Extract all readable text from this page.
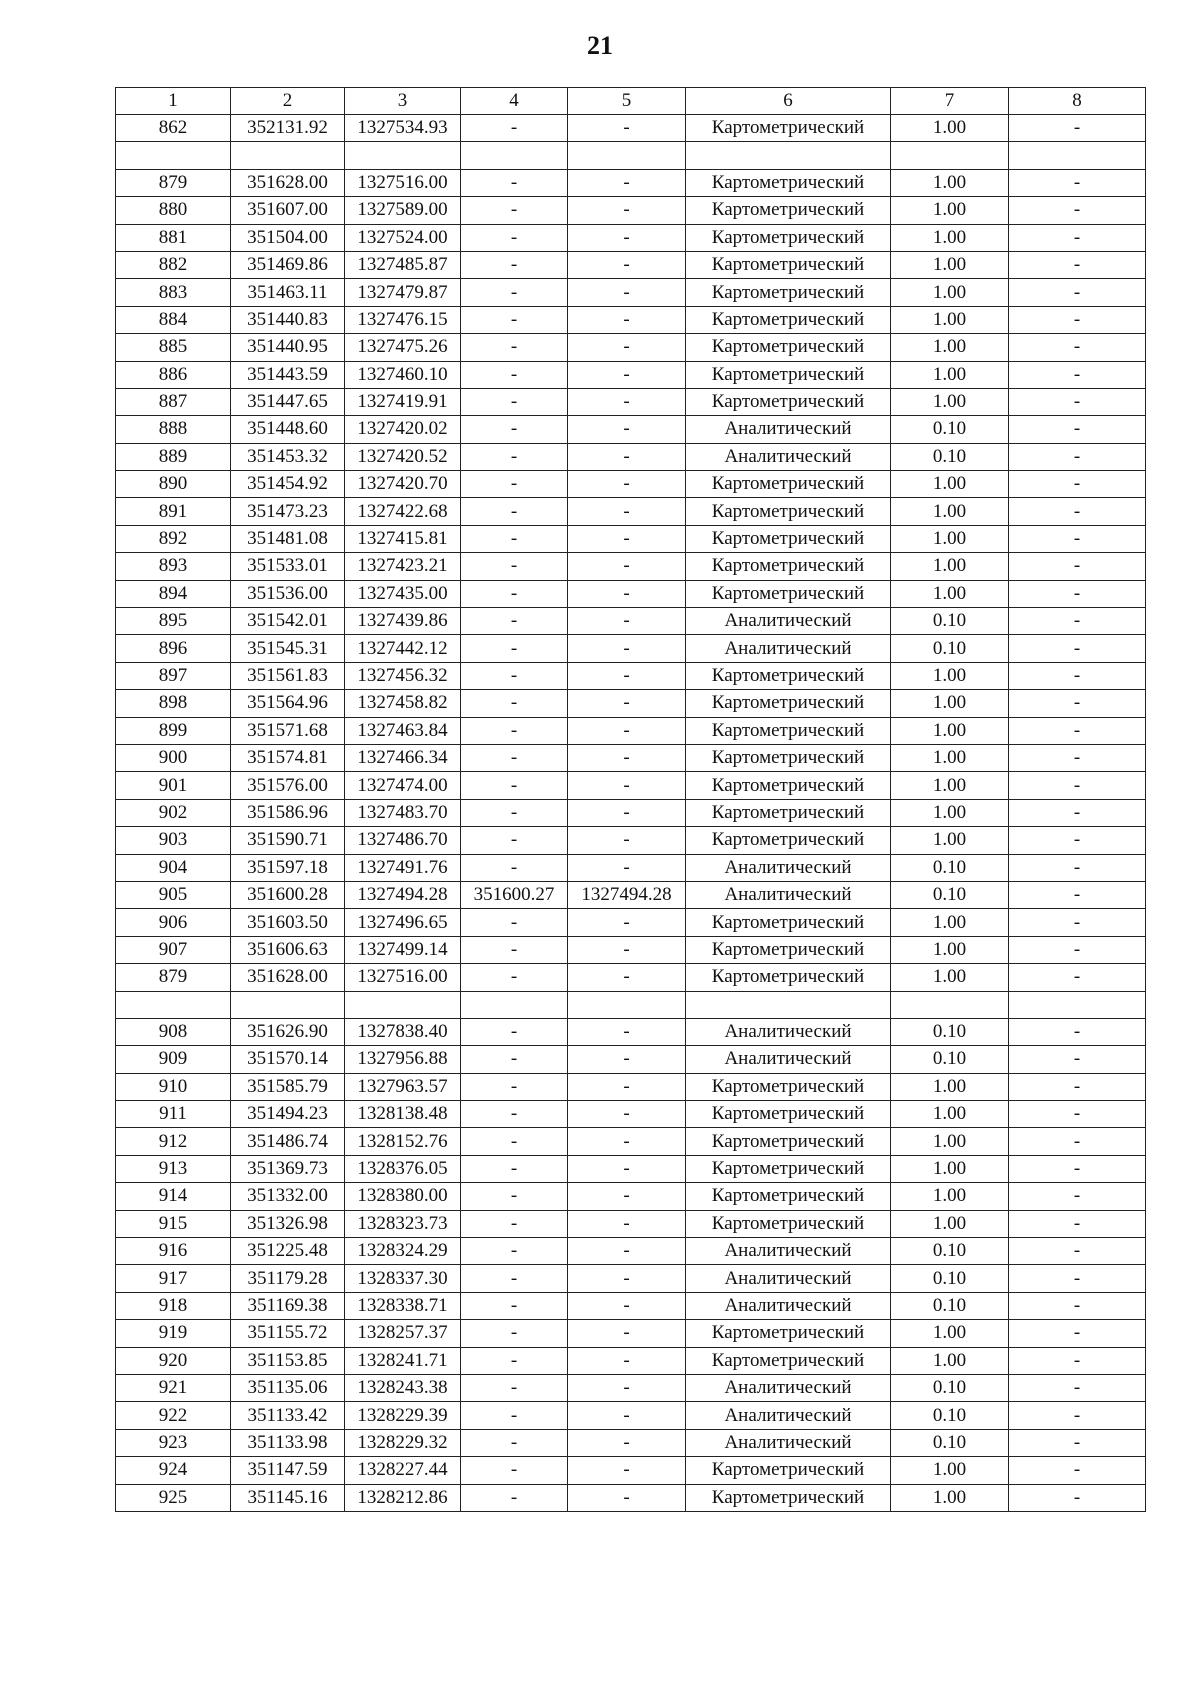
21
1	2	3	4	5	6	7	8
862	352131.92	1327534.93	-	-	Картометрический	1.00	-

879	351628.00	1327516.00	-	-	Картометрический	1.00	-
880	351607.00	1327589.00	-	-	Картометрический	1.00	-
881	351504.00	1327524.00	-	-	Картометрический	1.00	-
882	351469.86	1327485.87	-	-	Картометрический	1.00	-
883	351463.11	1327479.87	-	-	Картометрический	1.00	-
884	351440.83	1327476.15	-	-	Картометрический	1.00	-
885	351440.95	1327475.26	-	-	Картометрический	1.00	-
886	351443.59	1327460.10	-	-	Картометрический	1.00	-
887	351447.65	1327419.91	-	-	Картометрический	1.00	-
888	351448.60	1327420.02	-	-	Аналитический	0.10	-
889	351453.32	1327420.52	-	-	Аналитический	0.10	-
890	351454.92	1327420.70	-	-	Картометрический	1.00	-
891	351473.23	1327422.68	-	-	Картометрический	1.00	-
892	351481.08	1327415.81	-	-	Картометрический	1.00	-
893	351533.01	1327423.21	-	-	Картометрический	1.00	-
894	351536.00	1327435.00	-	-	Картометрический	1.00	-
895	351542.01	1327439.86	-	-	Аналитический	0.10	-
896	351545.31	1327442.12	-	-	Аналитический	0.10	-
897	351561.83	1327456.32	-	-	Картометрический	1.00	-
898	351564.96	1327458.82	-	-	Картометрический	1.00	-
899	351571.68	1327463.84	-	-	Картометрический	1.00	-
900	351574.81	1327466.34	-	-	Картометрический	1.00	-
901	351576.00	1327474.00	-	-	Картометрический	1.00	-
902	351586.96	1327483.70	-	-	Картометрический	1.00	-
903	351590.71	1327486.70	-	-	Картометрический	1.00	-
904	351597.18	1327491.76	-	-	Аналитический	0.10	-
905	351600.28	1327494.28	351600.27	1327494.28	Аналитический	0.10	-
906	351603.50	1327496.65	-	-	Картометрический	1.00	-
907	351606.63	1327499.14	-	-	Картометрический	1.00	-
879	351628.00	1327516.00	-	-	Картометрический	1.00	-

908	351626.90	1327838.40	-	-	Аналитический	0.10	-
909	351570.14	1327956.88	-	-	Аналитический	0.10	-
910	351585.79	1327963.57	-	-	Картометрический	1.00	-
911	351494.23	1328138.48	-	-	Картометрический	1.00	-
912	351486.74	1328152.76	-	-	Картометрический	1.00	-
913	351369.73	1328376.05	-	-	Картометрический	1.00	-
914	351332.00	1328380.00	-	-	Картометрический	1.00	-
915	351326.98	1328323.73	-	-	Картометрический	1.00	-
916	351225.48	1328324.29	-	-	Аналитический	0.10	-
917	351179.28	1328337.30	-	-	Аналитический	0.10	-
918	351169.38	1328338.71	-	-	Аналитический	0.10	-
919	351155.72	1328257.37	-	-	Картометрический	1.00	-
920	351153.85	1328241.71	-	-	Картометрический	1.00	-
921	351135.06	1328243.38	-	-	Аналитический	0.10	-
922	351133.42	1328229.39	-	-	Аналитический	0.10	-
923	351133.98	1328229.32	-	-	Аналитический	0.10	-
924	351147.59	1328227.44	-	-	Картометрический	1.00	-
925	351145.16	1328212.86	-	-	Картометрический	1.00	-
